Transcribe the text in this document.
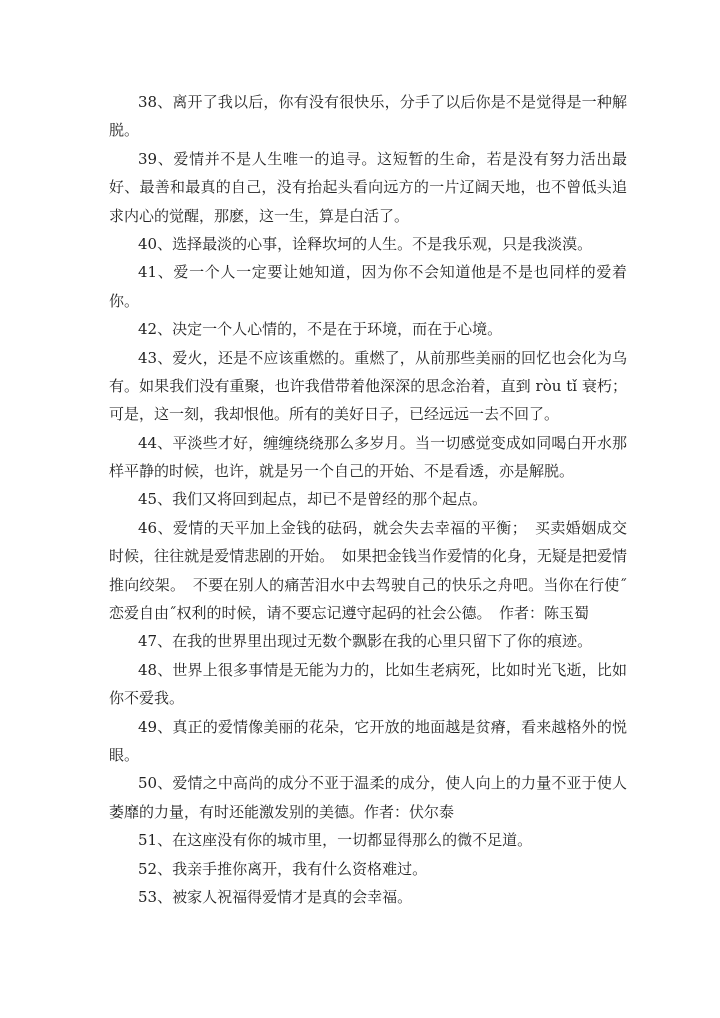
38、离开了我以后，你有没有很快乐，分手了以后你是不是觉得是一种解
脱。
39、爱情并不是人生唯一的追寻。这短暂的生命，若是没有努力活出最
好、最善和最真的自己，没有抬起头看向远方的一片辽阔天地，也不曾低头追
求内心的觉醒，那麽，这一生，算是白活了。
40、选择最淡的心事，诠释坎坷的人生。不是我乐观，只是我淡漠。
41、爱一个人一定要让她知道，因为你不会知道他是不是也同样的爱着
你。
42、决定一个人心情的，不是在于环境，而在于心境。
43、爱火，还是不应该重燃的。重燃了，从前那些美丽的回忆也会化为乌
有。如果我们没有重聚，也许我借带着他深深的思念治着，直到 ròu tǐ 衰朽；
可是，这一刻，我却恨他。所有的美好日子，已经远远一去不回了。
44、平淡些才好，缠缠绕绕那么多岁月。当一切感觉变成如同喝白开水那
样平静的时候，也许，就是另一个自己的开始、不是看透，亦是解脱。
45、我们又将回到起点，却已不是曾经的那个起点。
46、爱情的天平加上金钱的砝码，就会失去幸福的平衡；　买卖婚姻成交
时候，往往就是爱情悲剧的开始。　如果把金钱当作爱情的化身，无疑是把爱情
推向绞架。　不要在别人的痛苦泪水中去驾驶自己的快乐之舟吧。当你在行使˝
恋爱自由˝权利的时候，请不要忘记遵守起码的社会公德。　作者：陈玉蜀
47、在我的世界里出现过无数个飘影在我的心里只留下了你的痕迹。
48、世界上很多事情是无能为力的，比如生老病死，比如时光飞逝，比如
你不爱我。
49、真正的爱情像美丽的花朵，它开放的地面越是贫瘠，看来越格外的悦
眼。
50、爱情之中高尚的成分不亚于温柔的成分，使人向上的力量不亚于使人
萎靡的力量，有时还能激发别的美德。作者：伏尔泰
51、在这座没有你的城市里，一切都显得那么的微不足道。
52、我亲手推你离开，我有什么资格难过。
53、被家人祝福得爱情才是真的会幸福。
